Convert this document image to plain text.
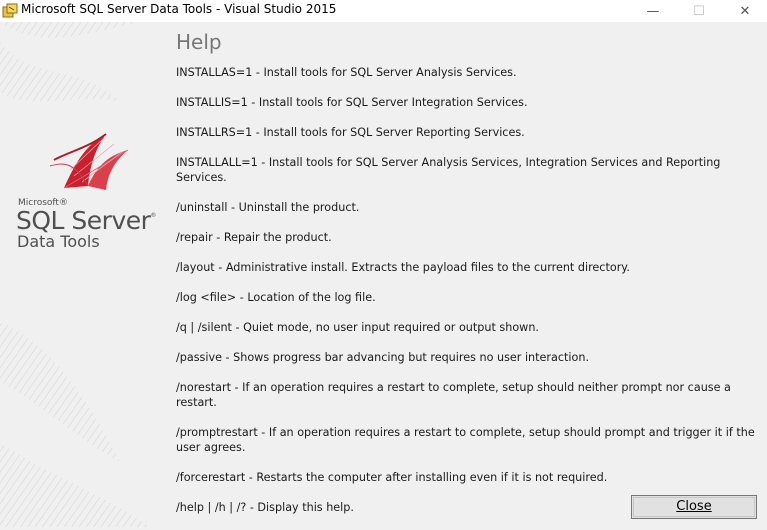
Microsoft SQL Server Data Tools - Visual Studio 2015	—	☐	✕
Microsoft®
SQL Server®
Data Tools
Help

INSTALLAS=1 - Install tools for SQL Server Analysis Services.

INSTALLIS=1 - Install tools for SQL Server Integration Services.

INSTALLRS=1 - Install tools for SQL Server Reporting Services.

INSTALLALL=1 - Install tools for SQL Server Analysis Services, Integration Services and Reporting Services.

/uninstall - Uninstall the product.

/repair - Repair the product.

/layout - Administrative install. Extracts the payload files to the current directory.

/log <file> - Location of the log file.

/q | /silent - Quiet mode, no user input required or output shown.

/passive - Shows progress bar advancing but requires no user interaction.

/norestart - If an operation requires a restart to complete, setup should neither prompt nor cause a restart.

/promptrestart - If an operation requires a restart to complete, setup should prompt and trigger it if the user agrees.

/forcerestart - Restarts the computer after installing even if it is not required.

/help | /h | /? - Display this help.	Close
